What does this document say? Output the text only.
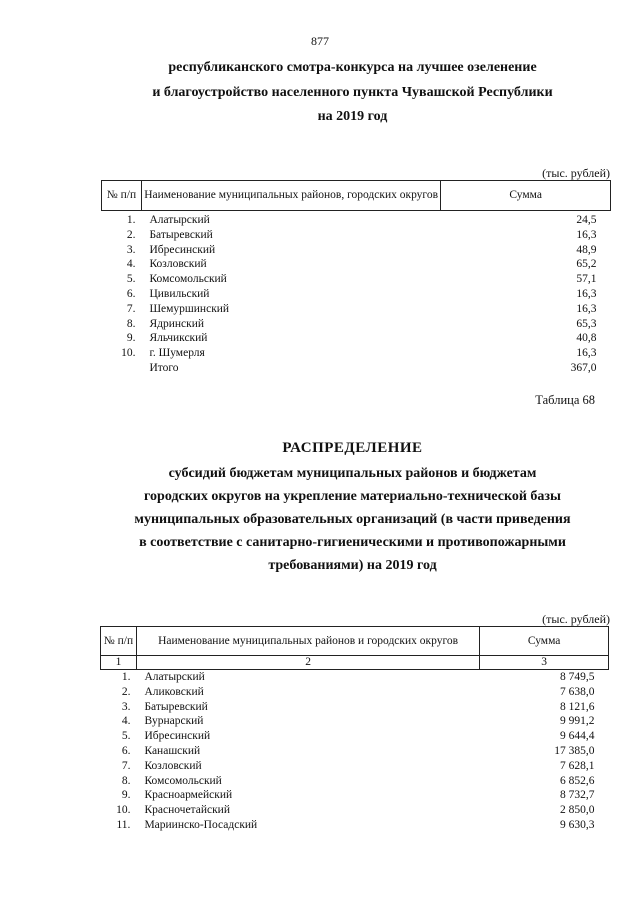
877
республиканского смотра-конкурса на лучшее озеленение
и благоустройство населенного пункта Чувашской Республики
на 2019 год
(тыс. рублей)
№ п/п	Наименование муниципальных районов, городских округов	Сумма
1.	Алатырский	24,5
2.	Батыревский	16,3
3.	Ибресинский	48,9
4.	Козловский	65,2
5.	Комсомольский	57,1
6.	Цивильский	16,3
7.	Шемуршинский	16,3
8.	Ядринский	65,3
9.	Яльчикский	40,8
10.	г. Шумерля	16,3
	Итого	367,0
Таблица 68
РАСПРЕДЕЛЕНИЕ
субсидий бюджетам муниципальных районов и бюджетам
городских округов на укрепление материально-технической базы
муниципальных образовательных организаций (в части приведения
в соответствие с санитарно-гигиеническими и противопожарными
требованиями) на 2019 год
(тыс. рублей)
№ п/п	Наименование муниципальных районов и городских округов	Сумма
1	2	3
1.	Алатырский	8 749,5
2.	Аликовский	7 638,0
3.	Батыревский	8 121,6
4.	Вурнарский	9 991,2
5.	Ибресинский	9 644,4
6.	Канашский	17 385,0
7.	Козловский	7 628,1
8.	Комсомольский	6 852,6
9.	Красноармейский	8 732,7
10.	Красночетайский	2 850,0
11.	Мариинско-Посадский	9 630,3
